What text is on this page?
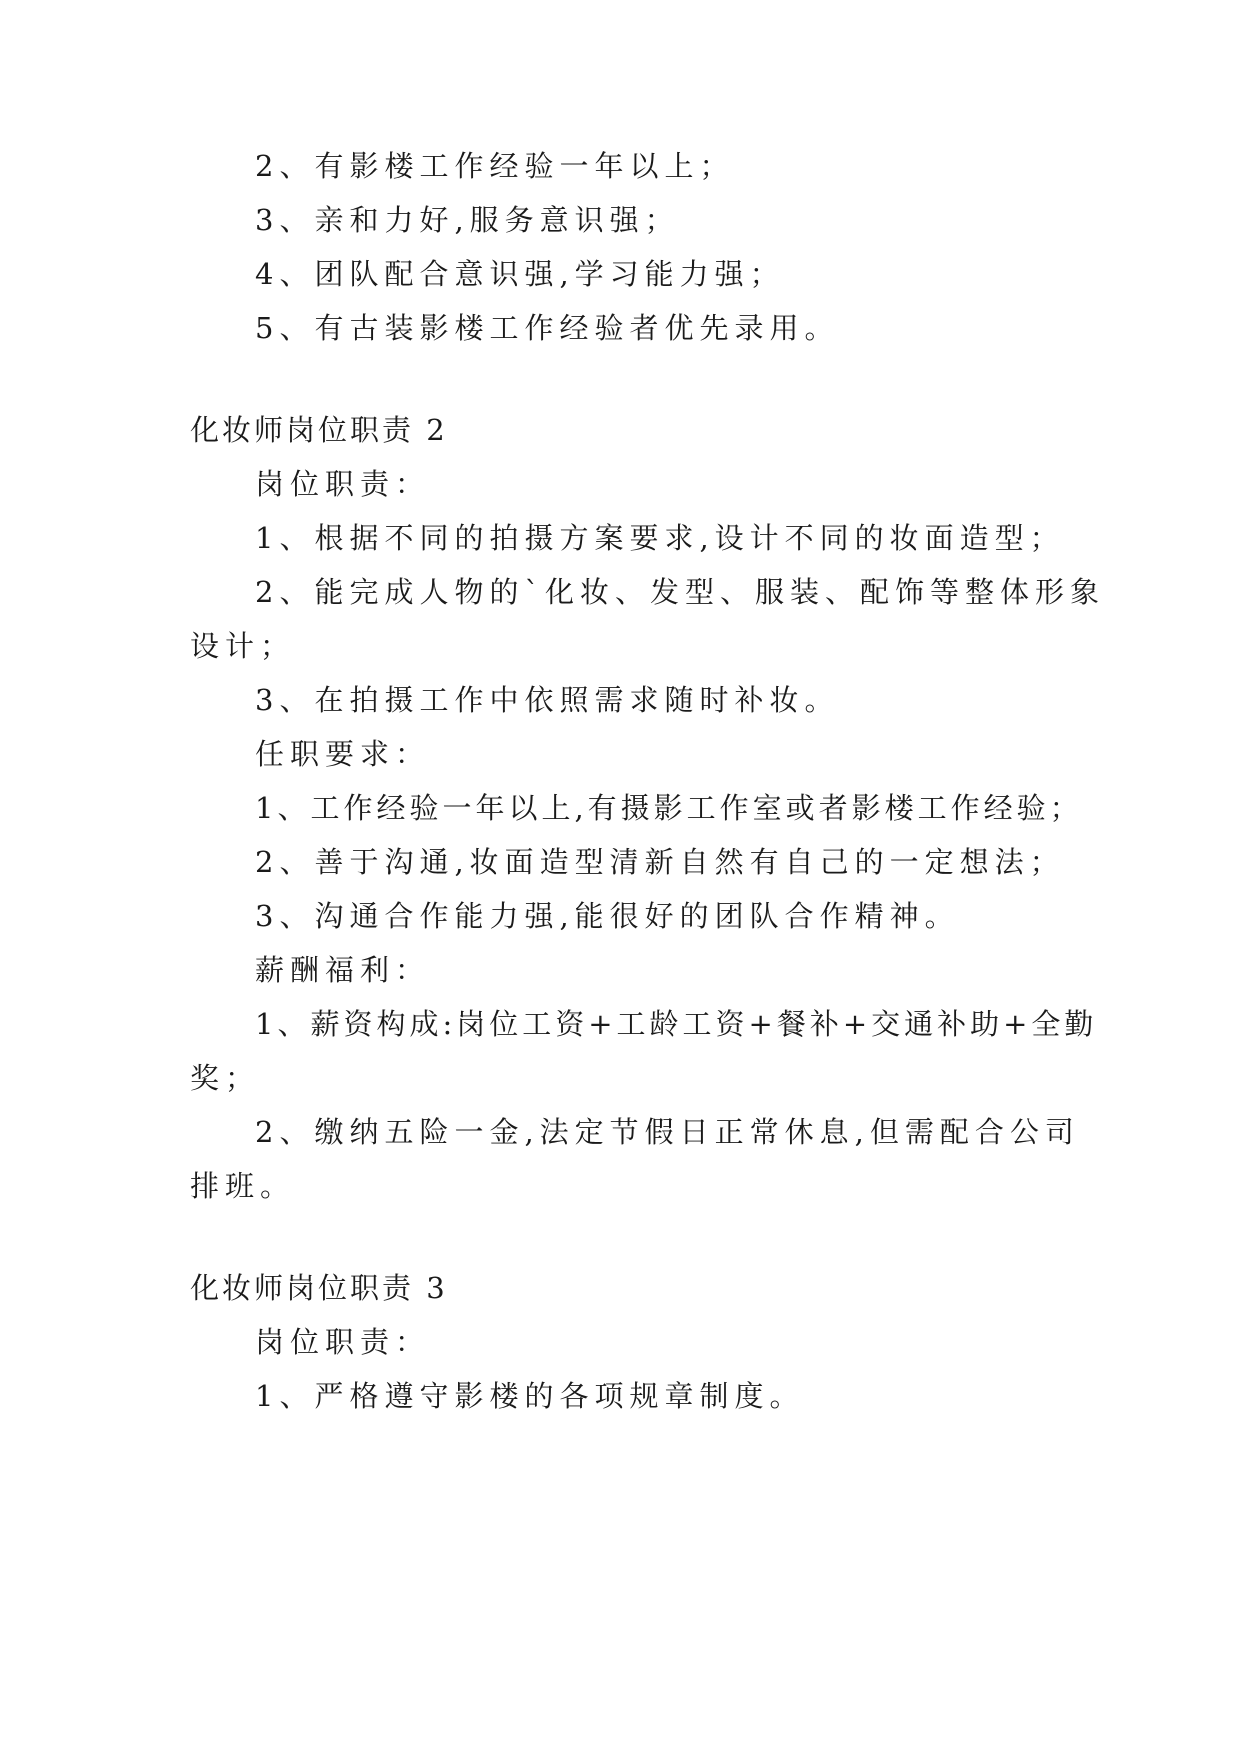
2、有影楼工作经验一年以上；
3、亲和力好,服务意识强；
4、团队配合意识强,学习能力强；
5、有古装影楼工作经验者优先录用。
化妆师岗位职责 2
岗位职责：
1、根据不同的拍摄方案要求,设计不同的妆面造型；
2、能完成人物的`化妆、发型、服装、配饰等整体形象
设计；
3、在拍摄工作中依照需求随时补妆。
任职要求：
1、工作经验一年以上,有摄影工作室或者影楼工作经验；
2、善于沟通,妆面造型清新自然有自己的一定想法；
3、沟通合作能力强,能很好的团队合作精神。
薪酬福利：
1、薪资构成:岗位工资+工龄工资+餐补+交通补助+全勤
奖；
2、缴纳五险一金,法定节假日正常休息,但需配合公司
排班。
化妆师岗位职责 3
岗位职责：
1、严格遵守影楼的各项规章制度。
